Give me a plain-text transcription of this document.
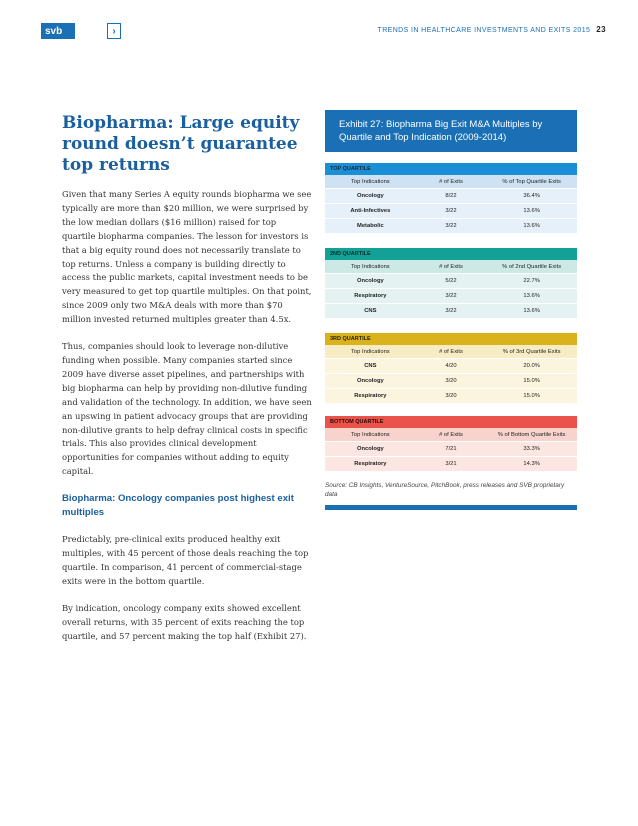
svb	›	TRENDS IN HEALTHCARE INVESTMENTS AND EXITS 2015 23
Biopharma: Large equity round doesn’t guarantee top returns

Given that many Series A equity rounds biopharma we see typically are more than $20 million, we were surprised by the low median dollars ($16 million) raised for top quartile biopharma companies. The lesson for investors is that a big equity round does not necessarily translate to top returns. Unless a company is building directly to access the public markets, capital investment needs to be very measured to get top quartile multiples. On that point, since 2009 only two M&A deals with more than $70 million invested returned multiples greater than 4.5x.

Thus, companies should look to leverage non-dilutive funding when possible. Many companies started since 2009 have diverse asset pipelines, and partnerships with big biopharma can help by providing non-dilutive funding and validation of the technology. In addition, we have seen an upswing in patient advocacy groups that are providing non-dilutive grants to help defray clinical costs in specific trials. This also provides clinical development opportunities for companies without adding to equity capital.

Biopharma: Oncology companies post highest exit multiples

Predictably, pre-clinical exits produced healthy exit multiples, with 45 percent of those deals reaching the top quartile. In comparison, 41 percent of commercial-stage exits were in the bottom quartile.

By indication, oncology company exits showed excellent overall returns, with 35 percent of exits reaching the top quartile, and 57 percent making the top half (Exhibit 27).

Exhibit 27: Biopharma Big Exit M&A Multiples by Quartile and Top Indication (2009-2014)
TOP QUARTILE
Top Indications	# of Exits	% of Top Quartile Exits
Oncology	8/22	36.4%
Anti-Infectives	3/22	13.6%
Metabolic	3/22	13.6%
2ND QUARTILE
Top Indications	# of Exits	% of 2nd Quartile Exits
Oncology	5/22	22.7%
Respiratory	3/22	13.6%
CNS	3/22	13.6%
3RD QUARTILE
Top Indications	# of Exits	% of 3rd Quartile Exits
CNS	4/20	20.0%
Oncology	3/20	15.0%
Respiratory	3/20	15.0%
BOTTOM QUARTILE
Top Indications	# of Exits	% of Bottom Quartile Exits
Oncology	7/21	33.3%
Respiratory	3/21	14.3%
Source: CB Insights, VentureSource, PitchBook, press releases and SVB proprietary data
